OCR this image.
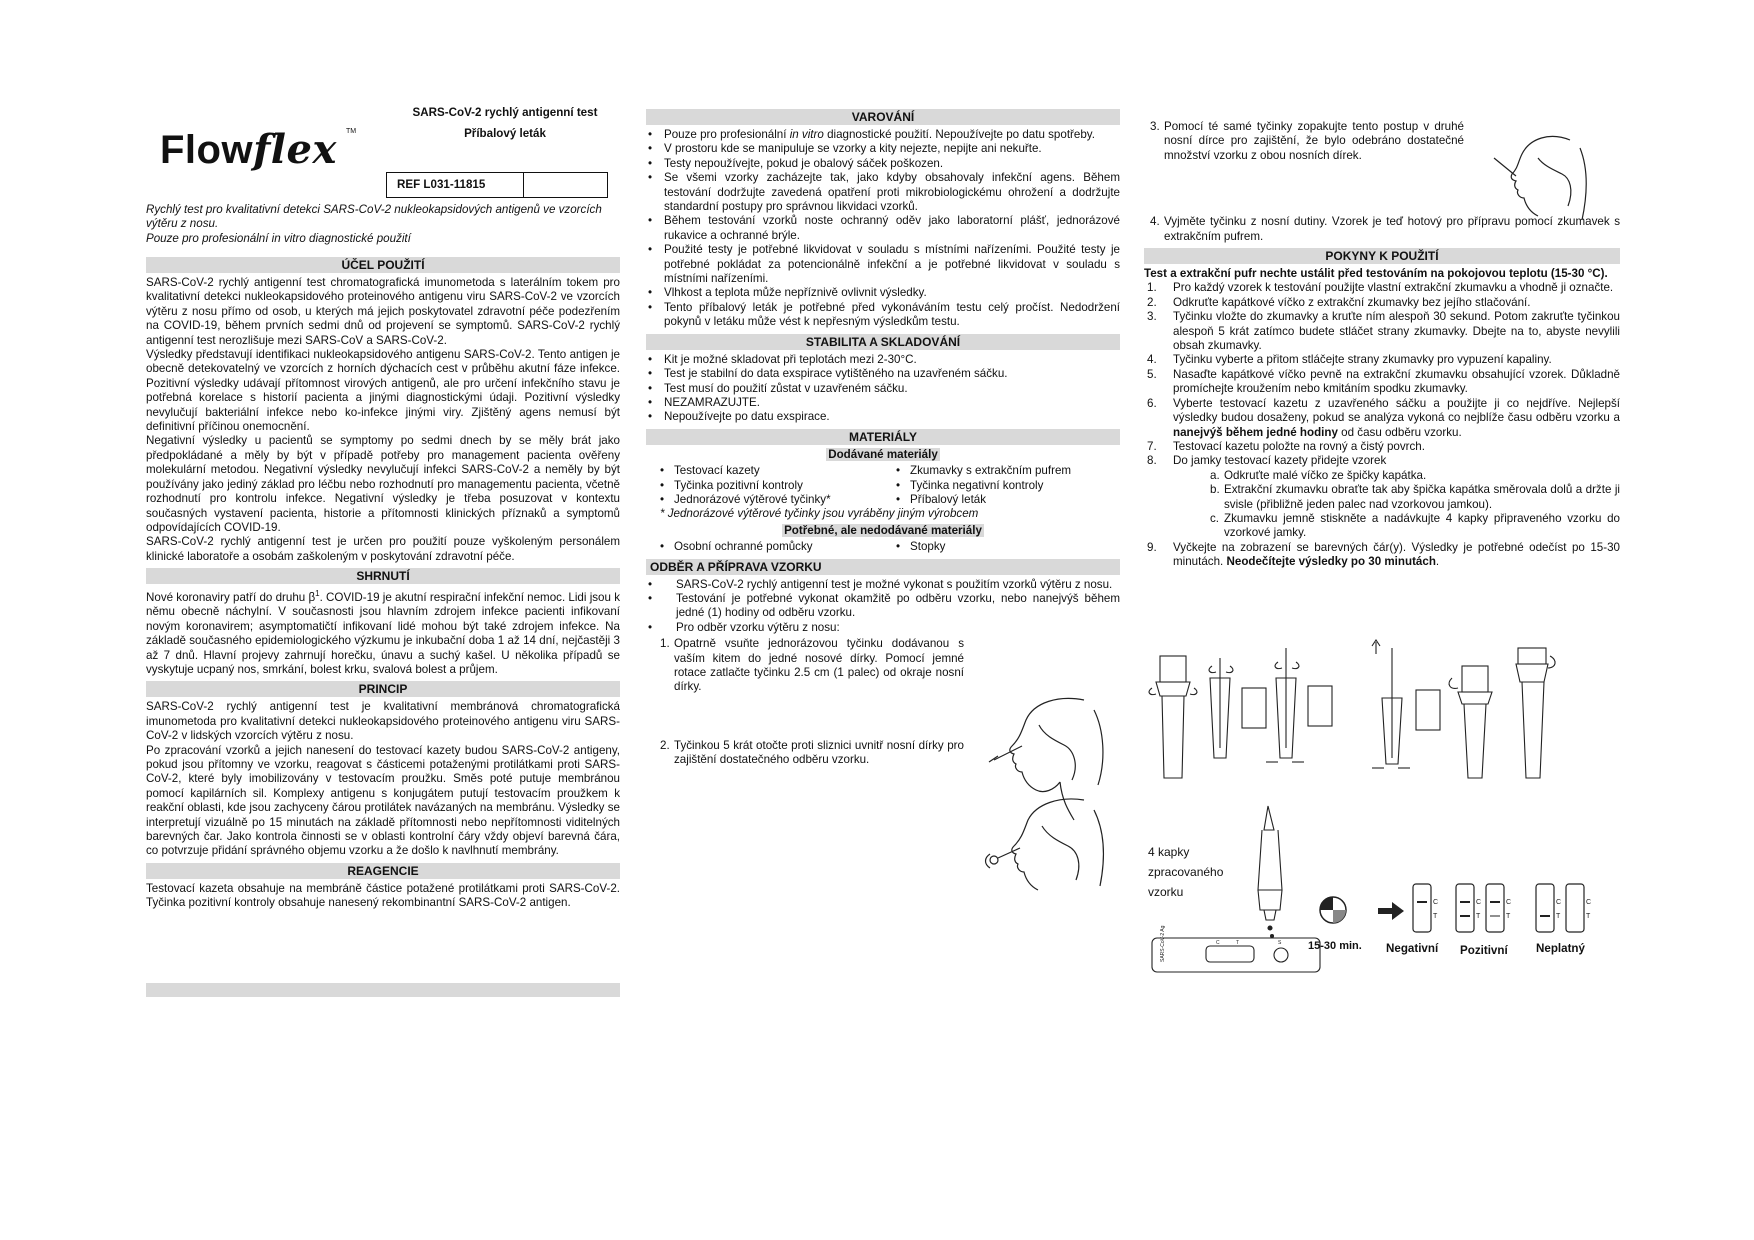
Flowflex TM
SARS-CoV-2 rychlý antigenní test
Příbalový leták
REF L031-11815
Rychlý test pro kvalitativní detekci SARS-CoV-2 nukleokapsidových antigenů ve vzorcích výtěru z nosu.
Pouze pro profesionální in vitro diagnostické použití
ÚČEL POUŽITÍ

SARS-CoV-2 rychlý antigenní test chromatografická imunometoda s laterálním tokem pro kvalitativní detekci nukleokapsidového proteinového antigenu viru SARS-CoV-2 ve vzorcích výtěru z nosu přímo od osob, u kterých má jejich poskytovatel zdravotní péče podezřením na COVID-19, během prvních sedmi dnů od projevení se symptomů. SARS-CoV-2 rychlý antigenní test nerozlišuje mezi SARS-CoV a SARS-CoV-2.

Výsledky představují identifikaci nukleokapsidového antigenu SARS-CoV-2. Tento antigen je obecně detekovatelný ve vzorcích z horních dýchacích cest v průběhu akutní fáze infekce. Pozitivní výsledky udávají přítomnost virových antigenů, ale pro určení infekčního stavu je potřebná korelace s historií pacienta a jinými diagnostickými údaji. Pozitivní výsledky nevylučují bakteriální infekce nebo ko-infekce jinými viry. Zjištěný agens nemusí být definitivní příčinou onemocnění.

Negativní výsledky u pacientů se symptomy po sedmi dnech by se měly brát jako předpokládané a měly by být v případě potřeby pro management pacienta ověřeny molekulární metodou. Negativní výsledky nevylučují infekci SARS-CoV-2 a neměly by být používány jako jediný základ pro léčbu nebo rozhodnutí pro managementu pacienta, včetně rozhodnutí pro kontrolu infekce. Negativní výsledky je třeba posuzovat v kontextu současných vystavení pacienta, historie a přítomnosti klinických příznaků a symptomů odpovídajících COVID-19.

SARS-CoV-2 rychlý antigenní test je určen pro použití pouze vyškoleným personálem klinické laboratoře a osobám zaškoleným v poskytování zdravotní péče.

SHRNUTÍ

Nové koronaviry patří do druhu $\beta^1$. COVID-19 je akutní respirační infekční nemoc. Lidi jsou k němu obecně náchylní. V současnosti jsou hlavním zdrojem infekce pacienti infikovaní novým koronavirem; asymptomatičtí infikovaní lidé mohou být také zdrojem infekce. Na základě současného epidemiologického výzkumu je inkubační doba 1 až 14 dní, nejčastěji 3 až 7 dnů. Hlavní projevy zahrnují horečku, únavu a suchý kašel. U několika případů se vyskytuje ucpaný nos, smrkání, bolest krku, svalová bolest a průjem.

PRINCIP

SARS-CoV-2 rychlý antigenní test je kvalitativní membránová chromatografická imunometoda pro kvalitativní detekci nukleokapsidového proteinového antigenu viru SARS-CoV-2 v lidských vzorcích výtěru z nosu.

Po zpracování vzorků a jejich nanesení do testovací kazety budou SARS-CoV-2 antigeny, pokud jsou přítomny ve vzorku, reagovat s částicemi potaženými protilátkami proti SARS-CoV-2, které byly imobilizovány v testovacím proužku. Směs poté putuje membránou pomocí kapilárních sil. Komplexy antigenu s konjugátem putují testovacím proužkem k reakční oblasti, kde jsou zachyceny čárou protilátek navázaných na membránu. Výsledky se interpretují vizuálně po 15 minutách na základě přítomnosti nebo nepřítomnosti viditelných barevných čar. Jako kontrola činnosti se v oblasti kontrolní čáry vždy objeví barevná čára, co potvrzuje přidání správného objemu vzorku a že došlo k navlhnutí membrány.

REAGENCIE

Testovací kazeta obsahuje na membráně částice potažené protilátkami proti SARS-CoV-2. Tyčinka pozitivní kontroly obsahuje nanesený rekombinantní SARS-CoV-2 antigen.

VAROVÁNÍ
• Pouze pro profesionální in vitro diagnostické použití. Nepoužívejte po datu spotřeby.
• V prostoru kde se manipuluje se vzorky a kity nejezte, nepijte ani nekuřte.
• Testy nepoužívejte, pokud je obalový sáček poškozen.
• Se všemi vzorky zacházejte tak, jako kdyby obsahovaly infekční agens. Během testování dodržujte zavedená opatření proti mikrobiologickému ohrožení a dodržujte standardní postupy pro správnou likvidaci vzorků.
• Během testování vzorků noste ochranný oděv jako laboratorní plášť, jednorázové rukavice a ochranné brýle.
• Použité testy je potřebné likvidovat v souladu s místními nařízeními. Použité testy je potřebné pokládat za potencionálně infekční a je potřebné likvidovat v souladu s místními nařízeními.
• Vlhkost a teplota může nepříznivě ovlivnit výsledky.
• Tento příbalový leták je potřebné před vykonáváním testu celý pročíst. Nedodržení pokynů v letáku může vést k nepřesným výsledkům testu.
STABILITA A SKLADOVÁNÍ
• Kit je možné skladovat při teplotách mezi 2-30°C.
• Test je stabilní do data exspirace vytištěného na uzavřeném sáčku.
• Test musí do použití zůstat v uzavřeném sáčku.
• NEZAMRAZUJTE.
• Nepoužívejte po datu exspirace.
MATERIÁLY
Dodávané materiály
• Testovací kazety	• Zkumavky s extrakčním pufrem
• Tyčinka pozitivní kontroly	• Tyčinka negativní kontroly
• Jednorázové výtěrové tyčinky*	• Příbalový leták
* Jednorázové výtěrové tyčinky jsou vyráběny jiným výrobcem
Potřebné, ale nedodávané materiály
• Osobní ochranné pomůcky	• Stopky
ODBĚR A PŘÍPRAVA VZORKU
• SARS-CoV-2 rychlý antigenní test je možné vykonat s použitím vzorků výtěru z nosu.
• Testování je potřebné vykonat okamžitě po odběru vzorku, nebo nanejvýš během jedné (1) hodiny od odběru vzorku.
• Pro odběr vzorku výtěru z nosu:
1. Opatrně vsuňte jednorázovou tyčinku dodávanou s vaším kitem do jedné nosové dírky. Pomocí jemné rotace zatlačte tyčinku 2.5 cm (1 palec) od okraje nosní dírky.
2. Tyčinkou 5 krát otočte proti sliznici uvnitř nosní dírky pro zajištění dostatečného odběru vzorku.
3. Pomocí té samé tyčinky zopakujte tento postup v druhé nosní dírce pro zajištění, že bylo odebráno dostatečné množství vzorku z obou nosních dírek.
4. Vyjměte tyčinku z nosní dutiny. Vzorek je teď hotový pro přípravu pomocí zkumavek s extrakčním pufrem.
POKYNY K POUŽITÍ

Test a extrakční pufr nechte ustálit před testováním na pokojovou teplotu (15-30 °C).

1. Pro každý vzorek k testování použijte vlastní extrakční zkumavku a vhodně ji označte.
2. Odkruťte kapátkové víčko z extrakční zkumavky bez jejího stlačování.
3. Tyčinku vložte do zkumavky a kruťte ním alespoň 30 sekund. Potom zakruťte tyčinkou alespoň 5 krát zatímco budete stláčet strany zkumavky. Dbejte na to, abyste nevylili obsah zkumavky.
4. Tyčinku vyberte a přitom stláčejte strany zkumavky pro vypuzení kapaliny.
5. Nasaďte kapátkové víčko pevně na extrakční zkumavku obsahující vzorek. Důkladně promíchejte kroužením nebo kmitáním spodku zkumavky.
6. Vyberte testovací kazetu z uzavřeného sáčku a použijte ji co nejdříve. Nejlepší výsledky budou dosaženy, pokud se analýza vykoná co nejblíže času odběru vzorku a nanejvýš během jedné hodiny od času odběru vzorku.
7. Testovací kazetu položte na rovný a čistý povrch.
8. Do jamky testovací kazety přidejte vzorek
a. Odkruťte malé víčko ze špičky kapátka.
b. Extrakční zkumavku obraťte tak aby špička kapátka směrovala dolů a držte ji svisle (přibližně jeden palec nad vzorkovou jamkou).
c. Zkumavku jemně stiskněte a nadávkujte 4 kapky připraveného vzorku do vzorkové jamky.
9. Vyčkejte na zobrazení se barevných čár(y). Výsledky je potřebné odečíst po 15-30 minutách. Neodečítejte výsledky po 30 minutách.
SARS-CoV-2 Ag	C	T	S
4 kapky
zpracovaného
vzorku
15-30 min.
C
T
C
T
C
T
C
T
C
T
Negativní Pozitivní Neplatný
